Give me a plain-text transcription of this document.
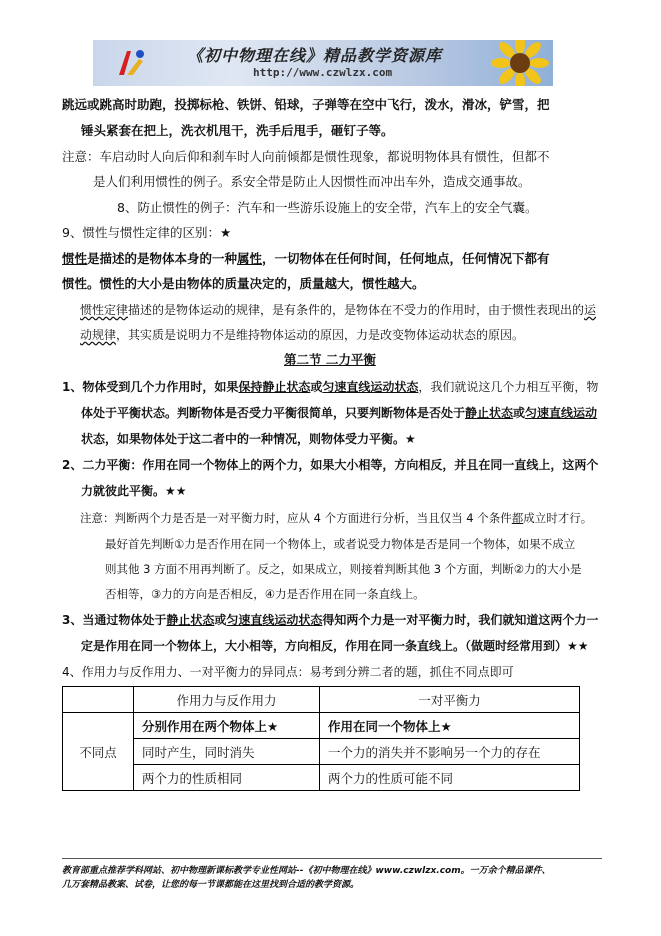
《初中物理在线》精品教学资源库
http://www.czwlzx.com
跳远或跳高时助跑，投掷标枪、铁饼、铅球，子弹等在空中飞行，泼水，滑冰，铲雪，把
锤头紧套在把上，洗衣机甩干，洗手后甩手，砸钉子等。
注意：车启动时人向后仰和刹车时人向前倾都是惯性现象，都说明物体具有惯性，但都不
是人们利用惯性的例子。系安全带是防止人因惯性而冲出车外，造成交通事故。
8、防止惯性的例子：汽车和一些游乐设施上的安全带，汽车上的安全气囊。
9、惯性与惯性定律的区别：★
惯性是描述的是物体本身的一种属性，一切物体在任何时间，任何地点，任何情况下都有
惯性。惯性的大小是由物体的质量决定的，质量越大，惯性越大。
惯性定律描述的是物体运动的规律，是有条件的，是物体在不受力的作用时，由于惯性表现出的运
动规律，其实质是说明力不是维持物体运动的原因，力是改变物体运动状态的原因。
第二节 二力平衡
1、物体受到几个力作用时，如果保持静止状态或匀速直线运动状态，我们就说这几个力相互平衡，物
体处于平衡状态。判断物体是否受力平衡很简单，只要判断物体是否处于静止状态或匀速直线运动
状态，如果物体处于这二者中的一种情况，则物体受力平衡。★
2、二力平衡：作用在同一个物体上的两个力，如果大小相等，方向相反，并且在同一直线上，这两个
力就彼此平衡。★★
注意：判断两个力是否是一对平衡力时，应从 4 个方面进行分析，当且仅当 4 个条件都成立时才行。
最好首先判断①力是否作用在同一个物体上，或者说受力物体是否是同一个物体，如果不成立
则其他 3 方面不用再判断了。反之，如果成立，则接着判断其他 3 个方面，判断②力的大小是
否相等，③力的方向是否相反，④力是否作用在同一条直线上。
3、当通过物体处于静止状态或匀速直线运动状态得知两个力是一对平衡力时，我们就知道这两个力一
定是作用在同一个物体上，大小相等，方向相反，作用在同一条直线上。（做题时经常用到）★★
4、作用力与反作用力、一对平衡力的异同点：易考到分辨二者的题，抓住不同点即可
	作用力与反作用力	一对平衡力
不同点	分别作用在两个物体上★	作用在同一个物体上★
	同时产生，同时消失	一个力的消失并不影响另一个力的存在
	两个力的性质相同	两个力的性质可能不同
教育部重点推荐学科网站、初中物理新课标教学专业性网站--《初中物理在线》www.czwlzx.com。一万余个精品课件、
几万套精品教案、试卷，让您的每一节课都能在这里找到合适的教学资源。
